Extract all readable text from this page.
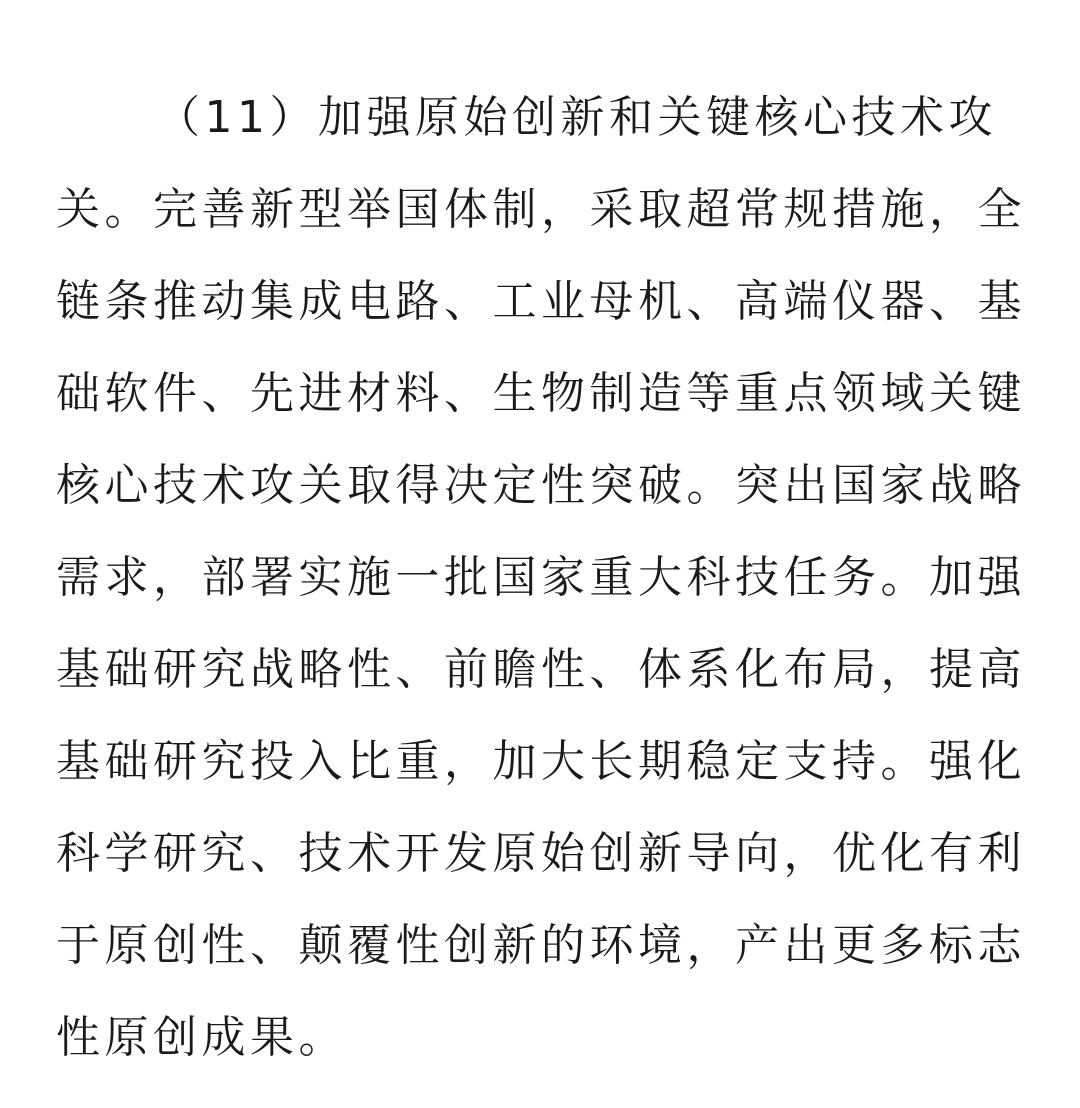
（11）加强原始创新和关键核心技术攻关。完善新型举国体制，采取超常规措施，全链条推动集成电路、工业母机、高端仪器、基础软件、先进材料、生物制造等重点领域关键核心技术攻关取得决定性突破。突出国家战略需求，部署实施一批国家重大科技任务。加强基础研究战略性、前瞻性、体系化布局，提高基础研究投入比重，加大长期稳定支持。强化科学研究、技术开发原始创新导向，优化有利于原创性、颠覆性创新的环境，产出更多标志性原创成果。
